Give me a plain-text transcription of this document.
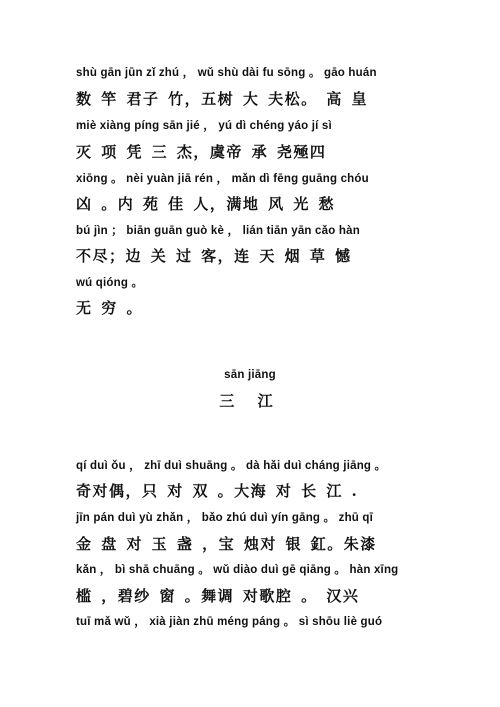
shù gān jūn zǐ zhú ， wǔ shù dài fu sōng 。 gāo huán
数 竿 君子 竹，五树 大 夫松。 高 皇
miè xiàng píng sān jié ， yú dì chéng yáo jí sì
灭 项 凭 三 杰，虞帝 承 尧殛四
xiōng 。 nèi yuàn jiā rén ， mǎn dì fēng guāng chóu
凶 。内 苑 佳 人，满地 风 光 愁
bú jìn ； biān guān guò kè ， lián tiān yān cǎo hàn
不尽；边 关 过 客，连 天 烟 草 憾
wú qióng 。
无 穷 。
sān jiāng
三 江
qí duì ǒu ， zhī duì shuāng 。 dà hǎi duì cháng jiāng 。
奇对偶，只 对 双 。大海 对 长 江 .
jīn pán duì yù zhǎn ， bǎo zhú duì yín gāng 。 zhū qī
金 盘 对 玉 盏 ，宝 烛对 银 釭。朱漆
kǎn ， bì shā chuāng 。 wǔ diào duì gē qiāng 。 hàn xīng
槛 ，碧纱 窗 。舞调 对歌腔 。 汉兴
tuī mǎ wǔ ， xià jiàn zhū méng páng 。 sì shōu liè guó
